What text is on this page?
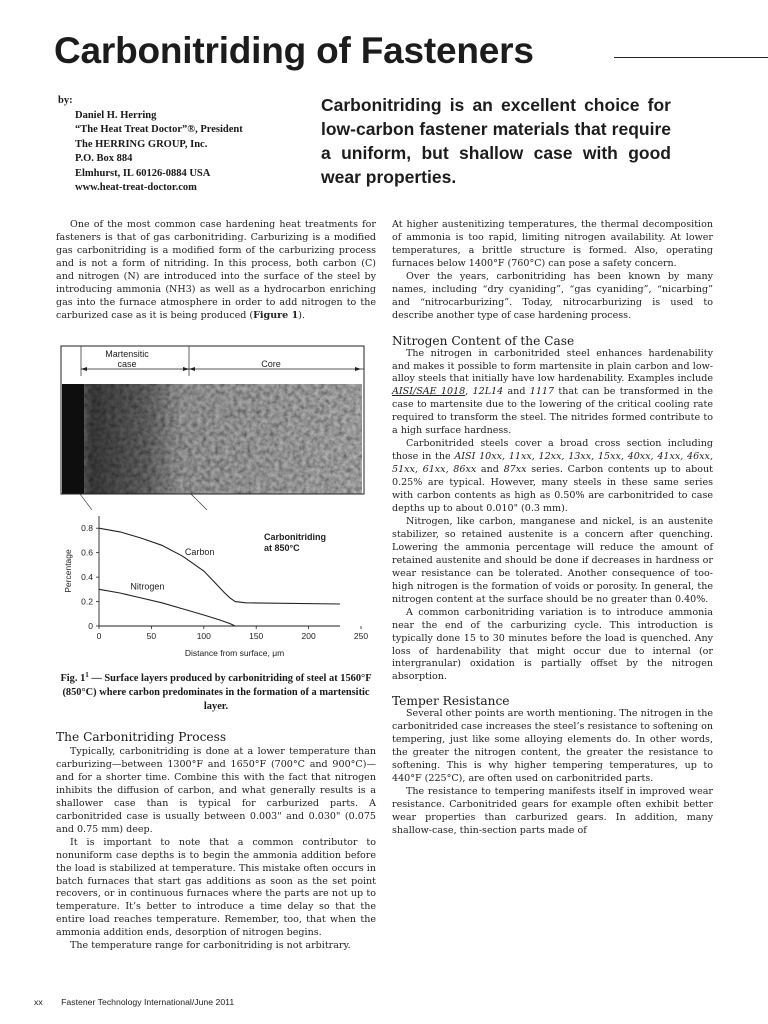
Carbonitriding of Fasteners
by:
Daniel H. Herring
“The Heat Treat Doctor”®, President
The HERRING GROUP, Inc.
P.O. Box 884
Elmhurst, IL 60126-0884 USA
www.heat-treat-doctor.com
Carbonitriding is an excellent choice for low-carbon fastener materials that require a uniform, but shallow case with good wear properties.

One of the most common case hardening heat treatments for fasteners is that of gas carbonitriding. Carburizing is a modified gas carbonitriding is a modified form of the carburizing process and is not a form of nitriding. In this process, both carbon (C) and nitrogen (N) are introduced into the surface of the steel by introducing ammonia (NH3) as well as a hydrocarbon enriching gas into the furnace atmosphere in order to add nitrogen to the carburized case as it is being produced (Figure 1).

Martensitic
case	Core
0
0.2
0.4
0.6
0.8
0	50	100	150	200	250
Distance from surface, μm
Percentage
Carbonitriding
at 850°C
Carbon
Nitrogen
Fig. $1^1$ — Surface layers produced by carbonitriding of steel at 1560°F (850°C) where carbon predominates in the formation of a martensitic layer.
The Carbonitriding Process

Typically, carbonitriding is done at a lower temperature than carburizing—between 1300°F and 1650°F (700°C and 900°C)—and for a shorter time. Combine this with the fact that nitrogen inhibits the diffusion of carbon, and what generally results is a shallower case than is typical for carburized parts. A carbonitrided case is usually between 0.003" and 0.030" (0.075 and 0.75 mm) deep.

It is important to note that a common contributor to nonuniform case depths is to begin the ammonia addition before the load is stabilized at temperature. This mistake often occurs in batch furnaces that start gas additions as soon as the set point recovers, or in continuous furnaces where the parts are not up to temperature. It’s better to introduce a time delay so that the entire load reaches temperature. Remember, too, that when the ammonia addition ends, desorption of nitrogen begins.

The temperature range for carbonitriding is not arbitrary.

At higher austenitizing temperatures, the thermal decomposition of ammonia is too rapid, limiting nitrogen availability. At lower temperatures, a brittle structure is formed. Also, operating furnaces below 1400°F (760°C) can pose a safety concern.

Over the years, carbonitriding has been known by many names, including “dry cyaniding”, “gas cyaniding”, “nicarbing” and “nitrocarburizing”. Today, nitrocarburizing is used to describe another type of case hardening process.

Nitrogen Content of the Case

The nitrogen in carbonitrided steel enhances hardenability and makes it possible to form martensite in plain carbon and low-alloy steels that initially have low hardenability. Examples include AISI/SAE 1018, 12L14 and 1117 that can be transformed in the case to martensite due to the lowering of the critical cooling rate required to transform the steel. The nitrides formed contribute to a high surface hardness.

Carbonitrided steels cover a broad cross section including those in the AISI 10xx, 11xx, 12xx, 13xx, 15xx, 40xx, 41xx, 46xx, 51xx, 61xx, 86xx and 87xx series. Carbon contents up to about 0.25% are typical. However, many steels in these same series with carbon contents as high as 0.50% are carbonitrided to case depths up to about 0.010" (0.3 mm).

Nitrogen, like carbon, manganese and nickel, is an austenite stabilizer, so retained austenite is a concern after quenching. Lowering the ammonia percentage will reduce the amount of retained austenite and should be done if decreases in hardness or wear resistance can be tolerated. Another consequence of too-high nitrogen is the formation of voids or porosity. In general, the nitrogen content at the surface should be no greater than 0.40%.

A common carbonitriding variation is to introduce ammonia near the end of the carburizing cycle. This introduction is typically done 15 to 30 minutes before the load is quenched. Any loss of hardenability that might occur due to internal (or intergranular) oxidation is partially offset by the nitrogen absorption.

Temper Resistance

Several other points are worth mentioning. The nitrogen in the carbonitrided case increases the steel’s resistance to softening on tempering, just like some alloying elements do. In other words, the greater the nitrogen content, the greater the resistance to softening. This is why higher tempering temperatures, up to 440°F (225°C), are often used on carbonitrided parts.

The resistance to tempering manifests itself in improved wear resistance. Carbonitrided gears for example often exhibit better wear properties than carburized gears. In addition, many shallow-case, thin-section parts made of

xx Fastener Technology International/June 2011
